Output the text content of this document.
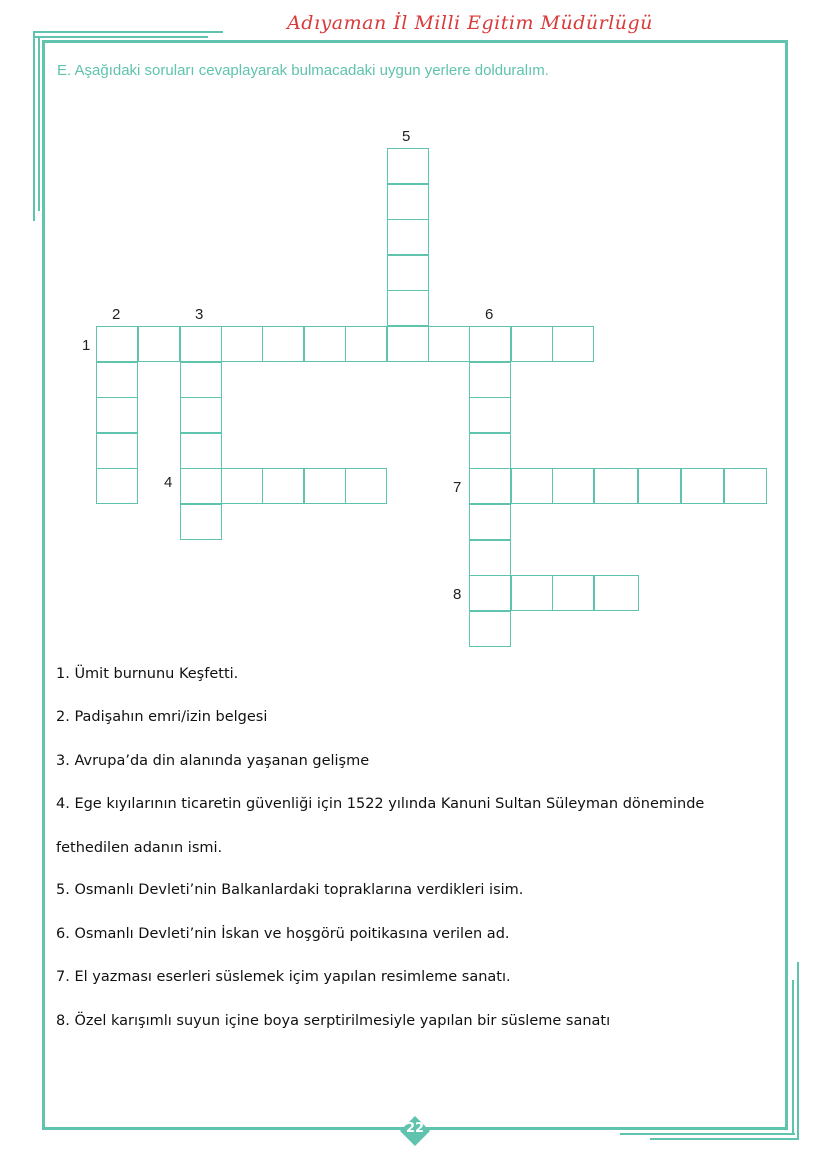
Adıyaman İl Milli Egitim Müdürlügü
E. Aşağıdaki soruları cevaplayarak bulmacadaki uygun yerlere dolduralım.
1
2	3
4
5
6
7
8
1. Ümit burnunu Keşfetti.
2. Padişahın emri/izin belgesi
3. Avrupa’da din alanında yaşanan gelişme
4. Ege kıyılarının ticaretin güvenliği için 1522 yılında Kanuni Sultan Süleyman döneminde
fethedilen adanın ismi.
5. Osmanlı Devleti’nin Balkanlardaki topraklarına verdikleri isim.
6. Osmanlı Devleti’nin İskan ve hoşgörü poitikasına verilen ad.
7. El yazması eserleri süslemek içim yapılan resimleme sanatı.
8. Özel karışımlı suyun içine boya serptirilmesiyle yapılan bir süsleme sanatı
22
